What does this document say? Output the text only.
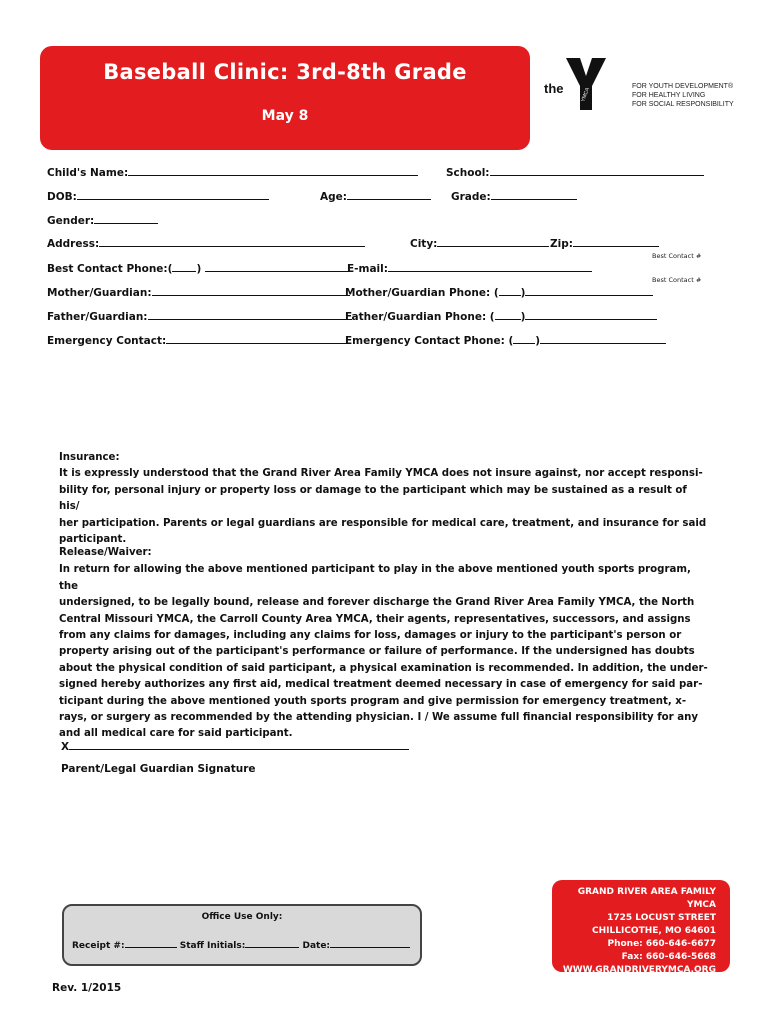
Baseball Clinic: 3rd-8th Grade
May 8
the	YMCA
FOR YOUTH DEVELOPMENT®
FOR HEALTHY LIVING
FOR SOCIAL RESPONSIBILITY
Child's Name:	School:
DOB:	Age:	Grade:
Gender:
Address:	City:	Zip:
Best Contact #
Best Contact Phone:( )	E-mail:
Best Contact #
Mother/Guardian:	Mother/Guardian Phone: ( )
Father/Guardian:	Father/Guardian Phone: ( )
Emergency Contact:	Emergency Contact Phone: ( )
Insurance:
It is expressly understood that the Grand River Area Family YMCA does not insure against, nor accept responsi-
bility for, personal injury or property loss or damage to the participant which may be sustained as a result of his/
her participation. Parents or legal guardians are responsible for medical care, treatment, and insurance for said
participant.
Release/Waiver:
In return for allowing the above mentioned participant to play in the above mentioned youth sports program, the
undersigned, to be legally bound, release and forever discharge the Grand River Area Family YMCA, the North
Central Missouri YMCA, the Carroll County Area YMCA, their agents, representatives, successors, and assigns
from any claims for damages, including any claims for loss, damages or injury to the participant's person or
property arising out of the participant's performance or failure of performance. If the undersigned has doubts
about the physical condition of said participant, a physical examination is recommended. In addition, the under-
signed hereby authorizes any first aid, medical treatment deemed necessary in case of emergency for said par-
ticipant during the above mentioned youth sports program and give permission for emergency treatment, x-
rays, or surgery as recommended by the attending physician. I / We assume full financial responsibility for any
and all medical care for said participant.
X
Parent/Legal Guardian Signature
Office Use Only:
Receipt #:	Staff Initials:	Date:
GRAND RIVER AREA FAMILY YMCA
1725 LOCUST STREET
CHILLICOTHE, MO 64601
Phone: 660-646-6677
Fax: 660-646-5668
WWW.GRANDRIVERYMCA.ORG
Rev. 1/2015
